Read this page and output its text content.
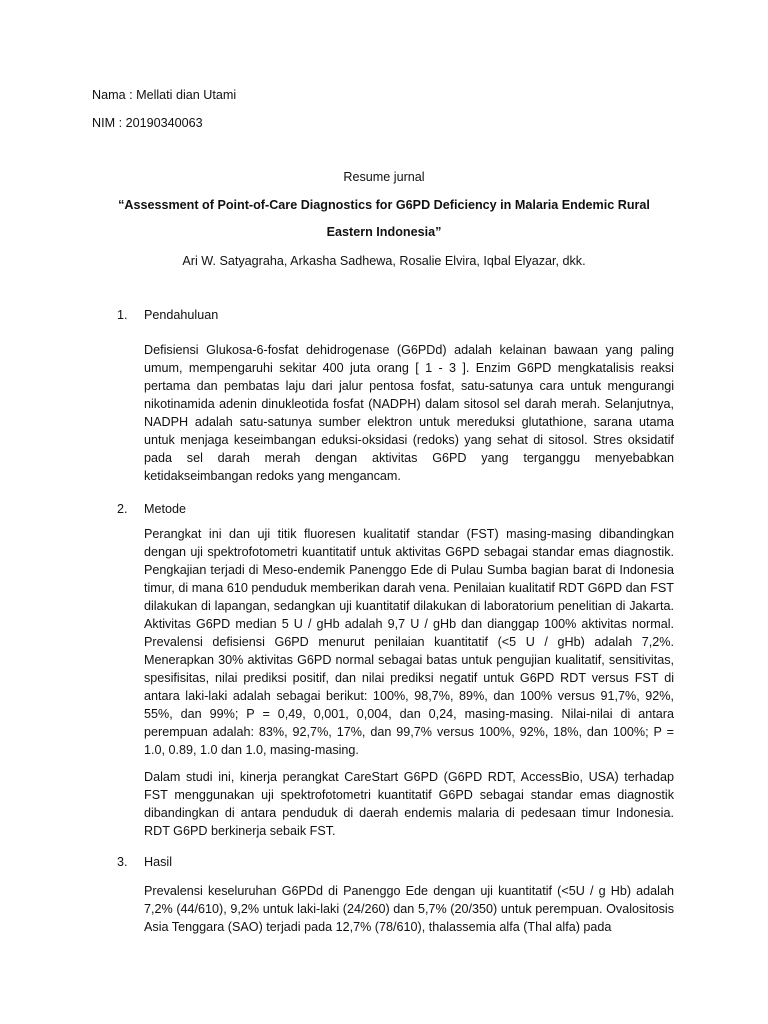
Nama : Mellati dian Utami
NIM : 20190340063
Resume jurnal
“Assessment of Point-of-Care Diagnostics for G6PD Deficiency in Malaria Endemic Rural
Eastern Indonesia”
Ari W. Satyagraha, Arkasha Sadhewa, Rosalie Elvira, Iqbal Elyazar, dkk.
1. Pendahuluan

Defisiensi Glukosa-6-fosfat dehidrogenase (G6PDd) adalah kelainan bawaan yang paling umum, mempengaruhi sekitar 400 juta orang [ 1 - 3 ]. Enzim G6PD mengkatalisis reaksi pertama dan pembatas laju dari jalur pentosa fosfat, satu-satunya cara untuk mengurangi nikotinamida adenin dinukleotida fosfat (NADPH) dalam sitosol sel darah merah. Selanjutnya, NADPH adalah satu-satunya sumber elektron untuk mereduksi glutathione, sarana utama untuk menjaga keseimbangan eduksi-oksidasi (redoks) yang sehat di sitosol. Stres oksidatif pada sel darah merah dengan aktivitas G6PD yang terganggu menyebabkan ketidakseimbangan redoks yang mengancam.

2. Metode

Perangkat ini dan uji titik fluoresen kualitatif standar (FST) masing-masing dibandingkan dengan uji spektrofotometri kuantitatif untuk aktivitas G6PD sebagai standar emas diagnostik. Pengkajian terjadi di Meso-endemik Panenggo Ede di Pulau Sumba bagian barat di Indonesia timur, di mana 610 penduduk memberikan darah vena. Penilaian kualitatif RDT G6PD dan FST dilakukan di lapangan, sedangkan uji kuantitatif dilakukan di laboratorium penelitian di Jakarta. Aktivitas G6PD median 5 U / gHb adalah 9,7 U / gHb dan dianggap 100% aktivitas normal. Prevalensi defisiensi G6PD menurut penilaian kuantitatif (<5 U / gHb) adalah 7,2%. Menerapkan 30% aktivitas G6PD normal sebagai batas untuk pengujian kualitatif, sensitivitas, spesifisitas, nilai prediksi positif, dan nilai prediksi negatif untuk G6PD RDT versus FST di antara laki-laki adalah sebagai berikut: 100%, 98,7%, 89%, dan 100% versus 91,7%, 92%, 55%, dan 99%; P = 0,49, 0,001, 0,004, dan 0,24, masing-masing. Nilai-nilai di antara perempuan adalah: 83%, 92,7%, 17%, dan 99,7% versus 100%, 92%, 18%, dan 100%; P = 1.0, 0.89, 1.0 dan 1.0, masing-masing.

Dalam studi ini, kinerja perangkat CareStart G6PD (G6PD RDT, AccessBio, USA) terhadap FST menggunakan uji spektrofotometri kuantitatif G6PD sebagai standar emas diagnostik dibandingkan di antara penduduk di daerah endemis malaria di pedesaan timur Indonesia. RDT G6PD berkinerja sebaik FST.

3. Hasil

Prevalensi keseluruhan G6PDd di Panenggo Ede dengan uji kuantitatif (<5U / g Hb) adalah 7,2% (44/610), 9,2% untuk laki-laki (24/260) dan 5,7% (20/350) untuk perempuan. Ovalositosis Asia Tenggara (SAO) terjadi pada 12,7% (78/610), thalassemia alfa (Thal alfa) pada
